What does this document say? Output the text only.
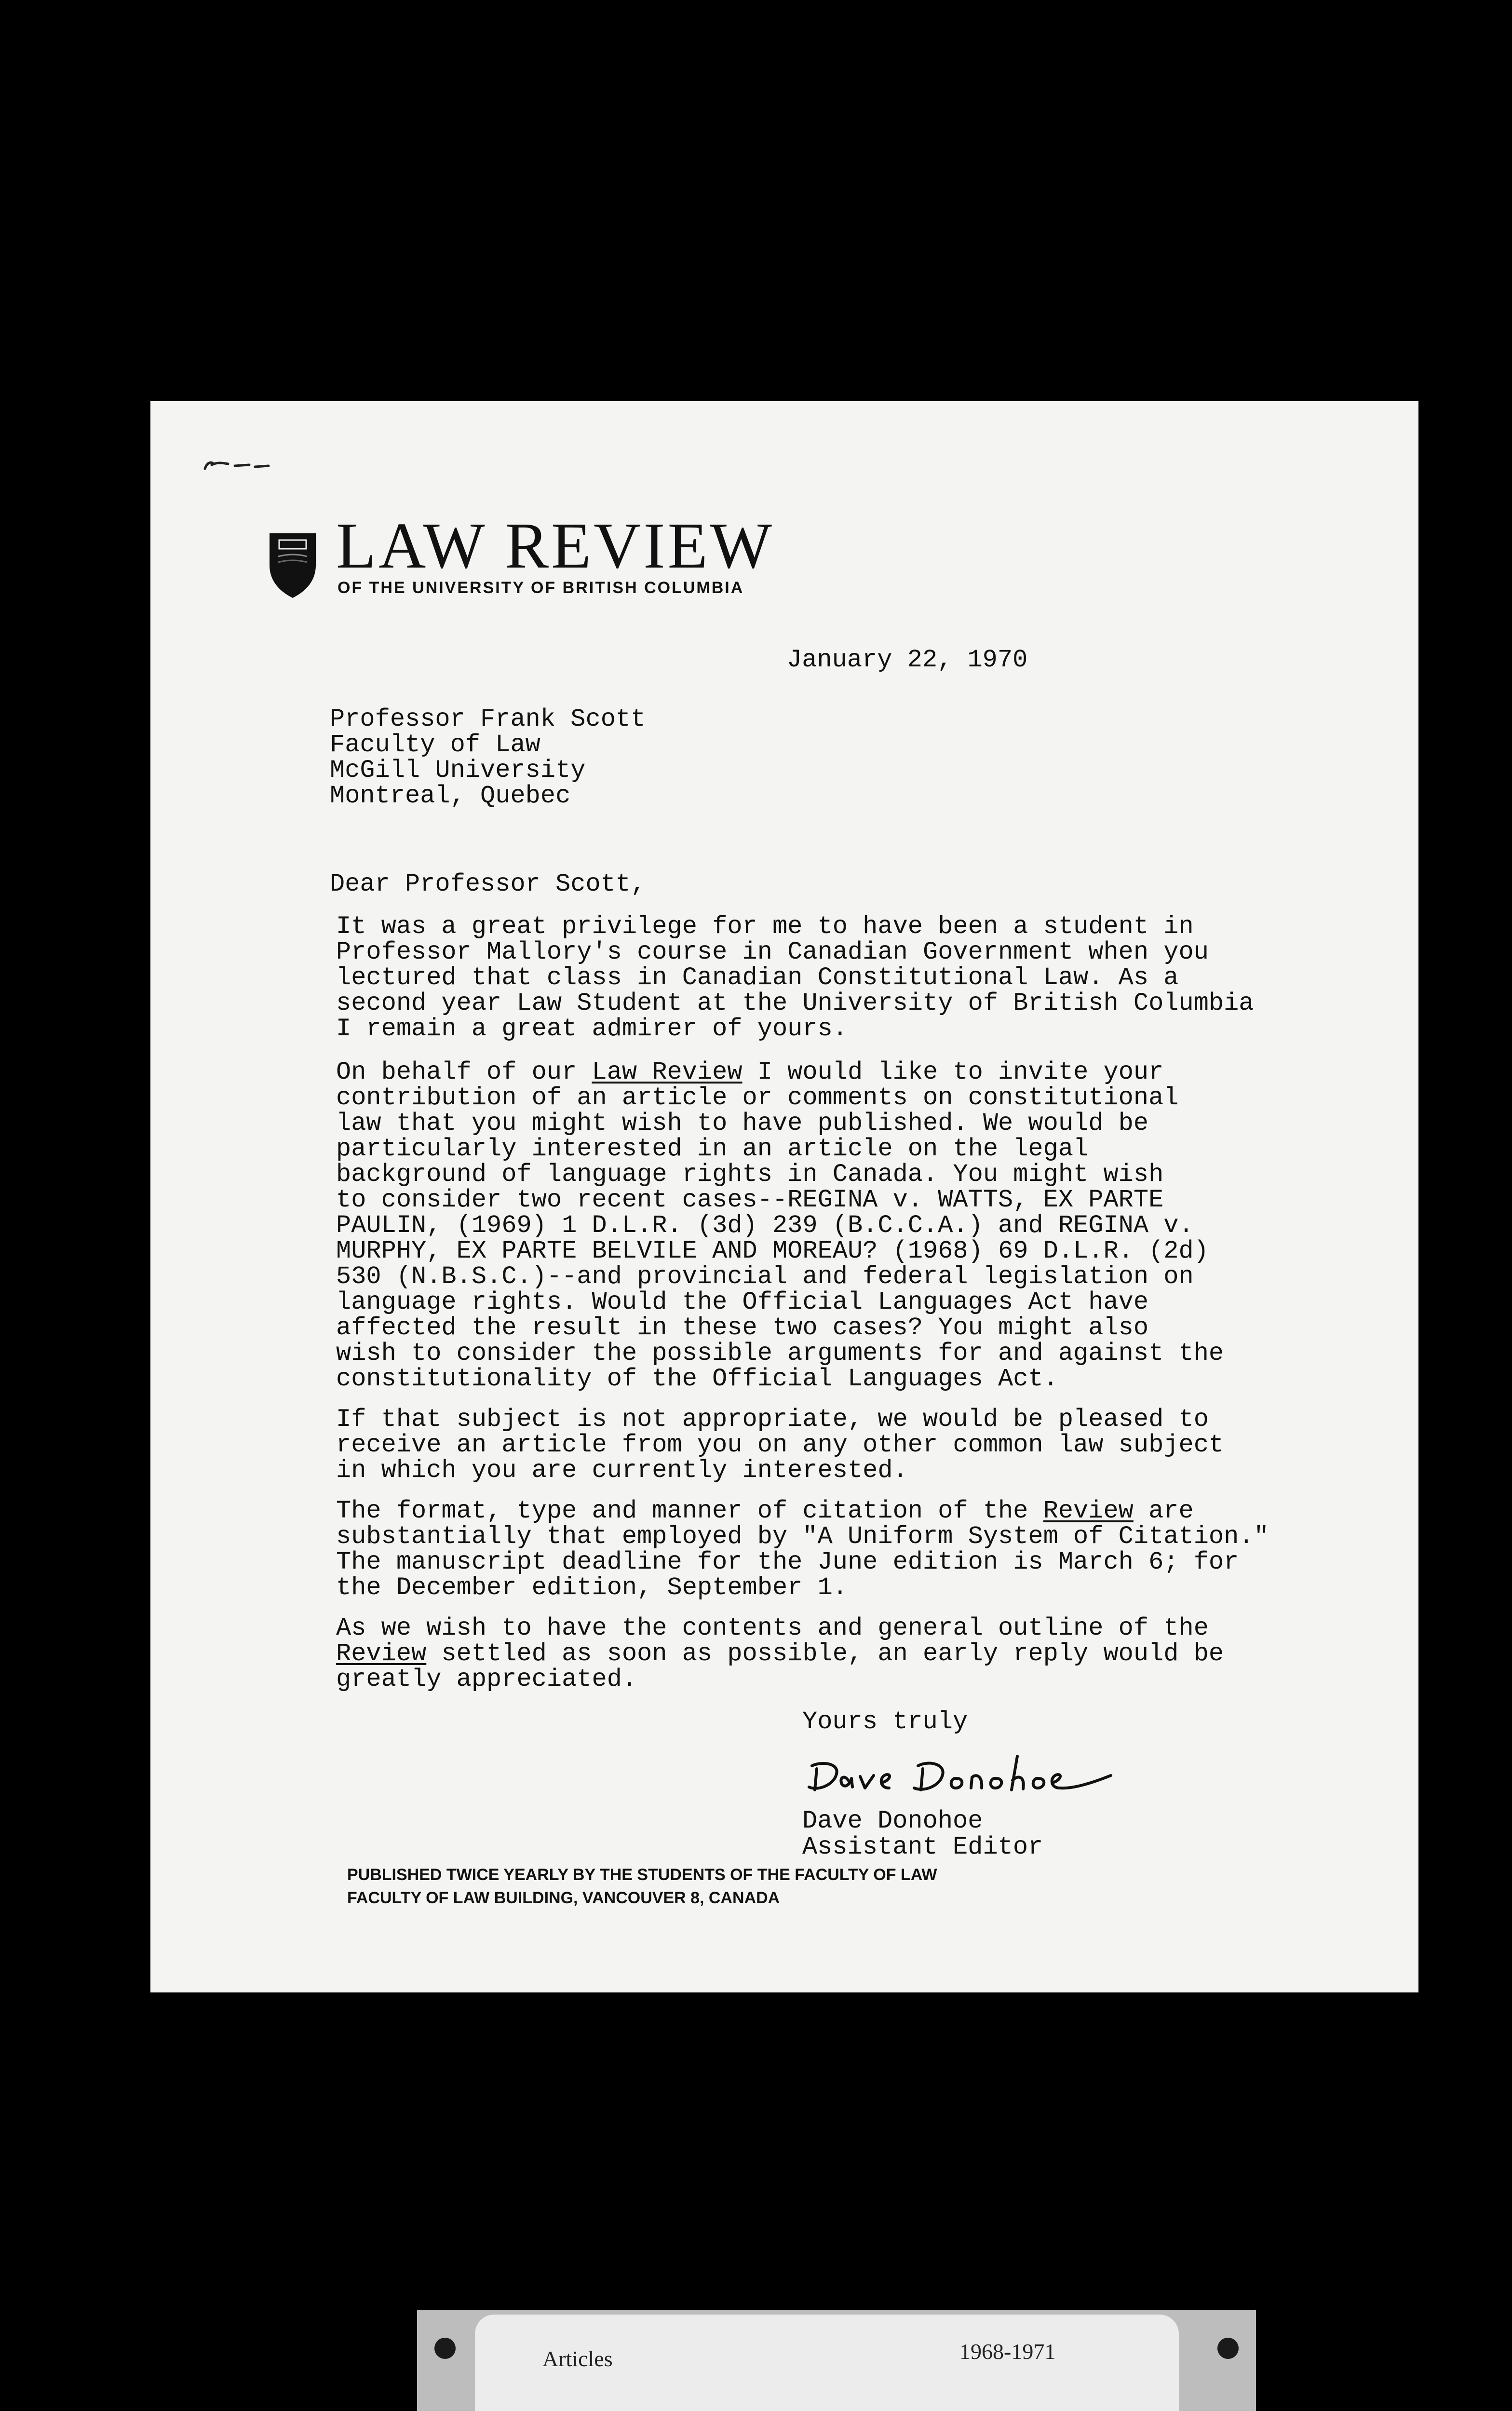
LAW REVIEW
OF THE UNIVERSITY OF BRITISH COLUMBIA
January 22, 1970
Professor Frank Scott
Faculty of Law
McGill University
Montreal, Quebec
Dear Professor Scott,
It was a great privilege for me to have been a student in
Professor Mallory's course in Canadian Government when you
lectured that class in Canadian Constitutional Law. As a
second year Law Student at the University of British Columbia
I remain a great admirer of yours.
On behalf of our Law Review I would like to invite your
contribution of an article or comments on constitutional
law that you might wish to have published. We would be
particularly interested in an article on the legal
background of language rights in Canada. You might wish
to consider two recent cases--REGINA v. WATTS, EX PARTE
PAULIN, (1969) 1 D.L.R. (3d) 239 (B.C.C.A.) and REGINA v.
MURPHY, EX PARTE BELVILE AND MOREAU? (1968) 69 D.L.R. (2d)
530 (N.B.S.C.)--and provincial and federal legislation on
language rights. Would the Official Languages Act have
affected the result in these two cases? You might also
wish to consider the possible arguments for and against the
constitutionality of the Official Languages Act.
If that subject is not appropriate, we would be pleased to
receive an article from you on any other common law subject
in which you are currently interested.
The format, type and manner of citation of the Review are
substantially that employed by "A Uniform System of Citation."
The manuscript deadline for the June edition is March 6; for
the December edition, September 1.
As we wish to have the contents and general outline of the
Review settled as soon as possible, an early reply would be
greatly appreciated.
Yours truly
Dave Donohoe
Assistant Editor
PUBLISHED TWICE YEARLY BY THE STUDENTS OF THE FACULTY OF LAW
FACULTY OF LAW BUILDING, VANCOUVER 8, CANADA
Articles	1968-1971
